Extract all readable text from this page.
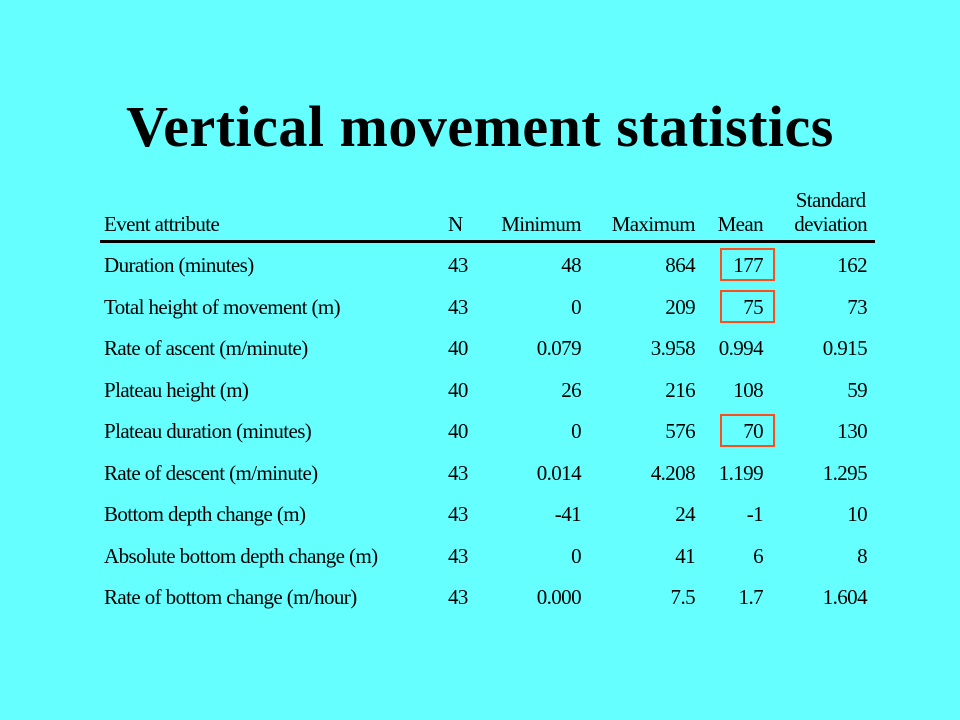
Vertical movement statistics
Event attribute	N Minimum Maximum Mean
Standard
deviation
Duration (minutes)	43	48	864 177	162
Total height of movement (m)	43	0	209 75	73
Rate of ascent (m/minute)	40	0.079	3.958 0.994	0.915
Plateau height (m)	40	26	216 108	59
Plateau duration (minutes)	40	0	576 70	130
Rate of descent (m/minute)	43	0.014	4.208 1.199	1.295
Bottom depth change (m)	43	-41	24 -1	10
Absolute bottom depth change (m)	43	0	41	6	8
Rate of bottom change (m/hour)	43	0.000	7.5 1.7	1.604
